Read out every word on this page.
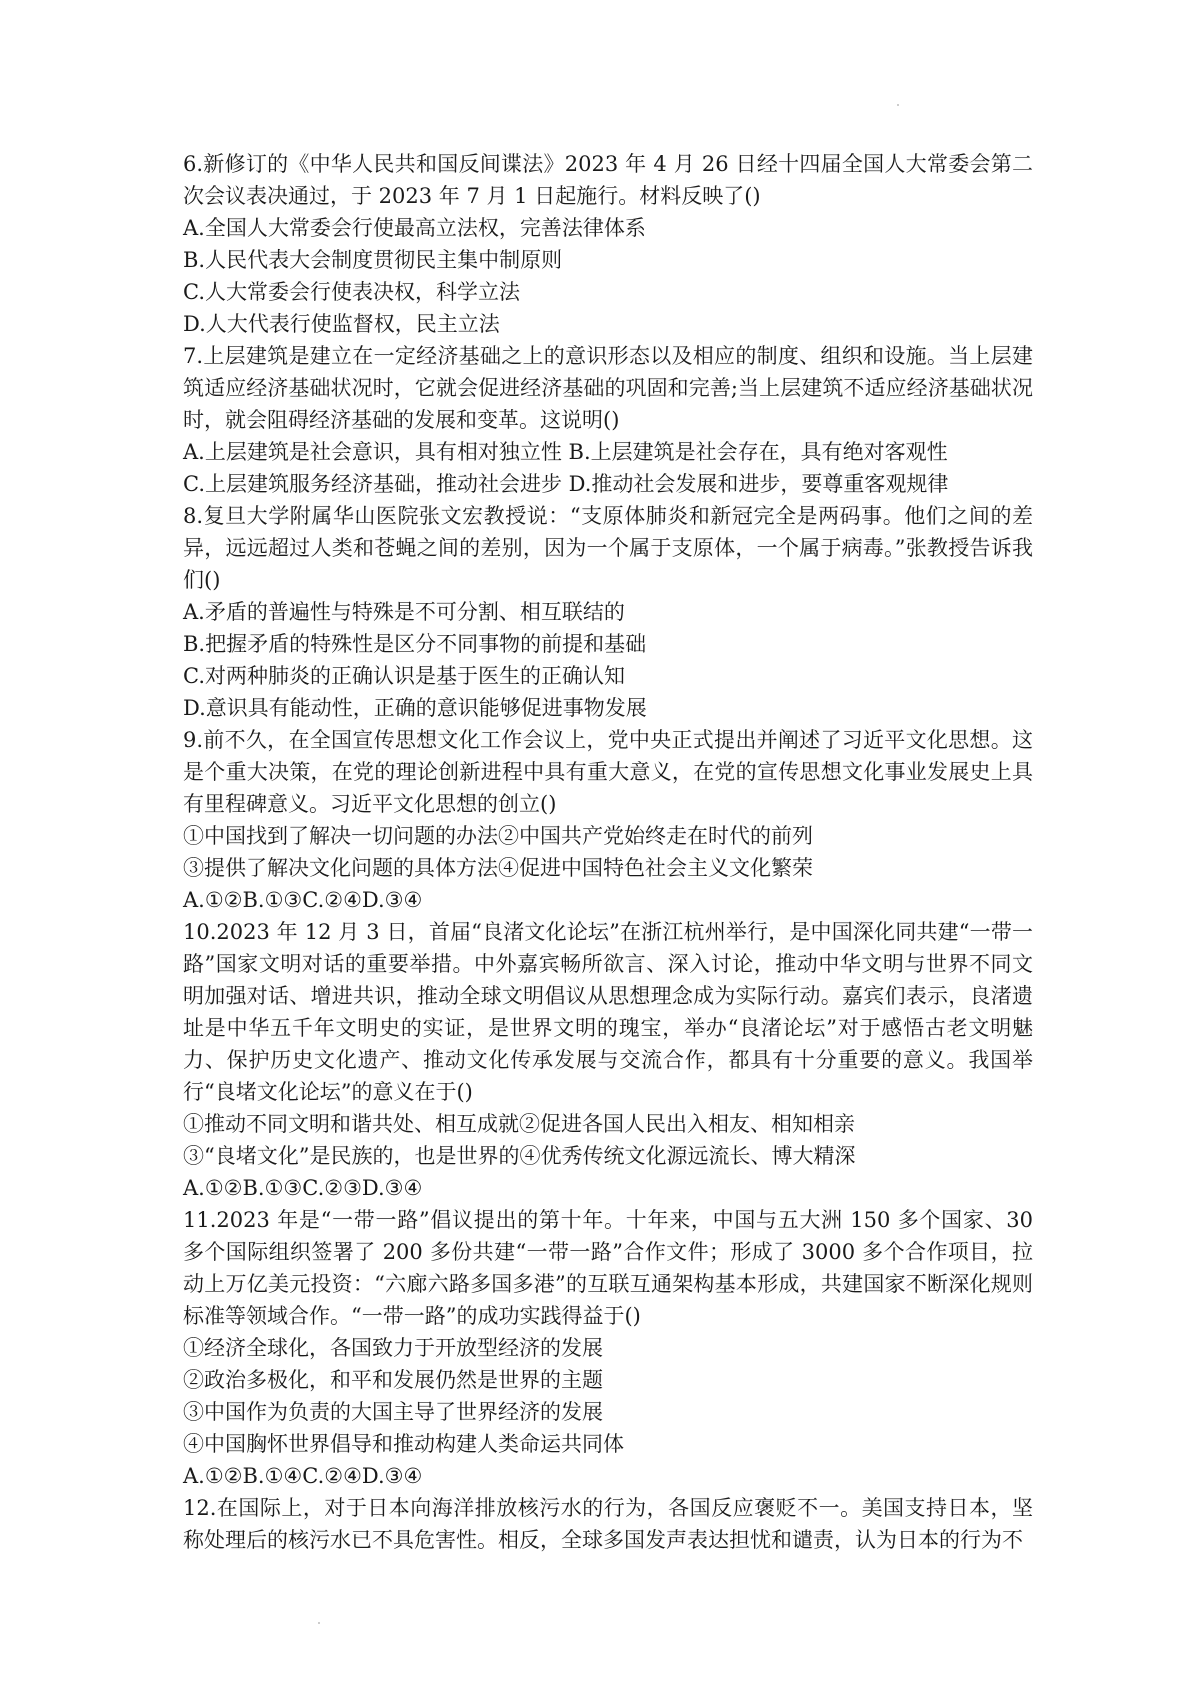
6.新修订的《中华人民共和国反间谍法》2023 年 4 月 26 日经十四届全国人大常委会第二次会议表决通过，于 2023 年 7 月 1 日起施行。材料反映了()

A.全国人大常委会行使最高立法权，完善法律体系

B.人民代表大会制度贯彻民主集中制原则

C.人大常委会行使表决权，科学立法

D.人大代表行使监督权，民主立法

7.上层建筑是建立在一定经济基础之上的意识形态以及相应的制度、组织和设施。当上层建筑适应经济基础状况时，它就会促进经济基础的巩固和完善;当上层建筑不适应经济基础状况时，就会阻碍经济基础的发展和变革。这说明()

A.上层建筑是社会意识，具有相对独立性 B.上层建筑是社会存在，具有绝对客观性

C.上层建筑服务经济基础，推动社会进步 D.推动社会发展和进步，要尊重客观规律

8.复旦大学附属华山医院张文宏教授说：“支原体肺炎和新冠完全是两码事。他们之间的差异，远远超过人类和苍蝇之间的差别，因为一个属于支原体，一个属于病毒。”张教授告诉我们()

A.矛盾的普遍性与特殊是不可分割、相互联结的

B.把握矛盾的特殊性是区分不同事物的前提和基础

C.对两种肺炎的正确认识是基于医生的正确认知

D.意识具有能动性，正确的意识能够促进事物发展

9.前不久，在全国宣传思想文化工作会议上，党中央正式提出并阐述了习近平文化思想。这是个重大决策，在党的理论创新进程中具有重大意义，在党的宣传思想文化事业发展史上具有里程碑意义。习近平文化思想的创立()

①中国找到了解决一切问题的办法②中国共产党始终走在时代的前列

③提供了解决文化问题的具体方法④促进中国特色社会主义文化繁荣

A.①②B.①③C.②④D.③④

10.2023 年 12 月 3 日，首届“良渚文化论坛”在浙江杭州举行，是中国深化同共建“一带一路”国家文明对话的重要举措。中外嘉宾畅所欲言、深入讨论，推动中华文明与世界不同文明加强对话、增进共识，推动全球文明倡议从思想理念成为实际行动。嘉宾们表示，良渚遗址是中华五千年文明史的实证，是世界文明的瑰宝，举办“良渚论坛”对于感悟古老文明魅力、保护历史文化遗产、推动文化传承发展与交流合作，都具有十分重要的意义。我国举行“良堵文化论坛”的意义在于()

①推动不同文明和谐共处、相互成就②促进各国人民出入相友、相知相亲

③“良堵文化”是民族的，也是世界的④优秀传统文化源远流长、博大精深

A.①②B.①③C.②③D.③④

11.2023 年是“一带一路”倡议提出的第十年。十年来，中国与五大洲 150 多个国家、30 多个国际组织签署了 200 多份共建“一带一路”合作文件；形成了 3000 多个合作项目，拉动上万亿美元投资：“六廊六路多国多港”的互联互通架构基本形成，共建国家不断深化规则标准等领域合作。“一带一路”的成功实践得益于()

①经济全球化，各国致力于开放型经济的发展

②政治多极化，和平和发展仍然是世界的主题

③中国作为负责的大国主导了世界经济的发展

④中国胸怀世界倡导和推动构建人类命运共同体

A.①②B.①④C.②④D.③④

12.在国际上，对于日本向海洋排放核污水的行为，各国反应褒贬不一。美国支持日本，坚称处理后的核污水已不具危害性。相反，全球多国发声表达担忧和谴责，认为日本的行为不
